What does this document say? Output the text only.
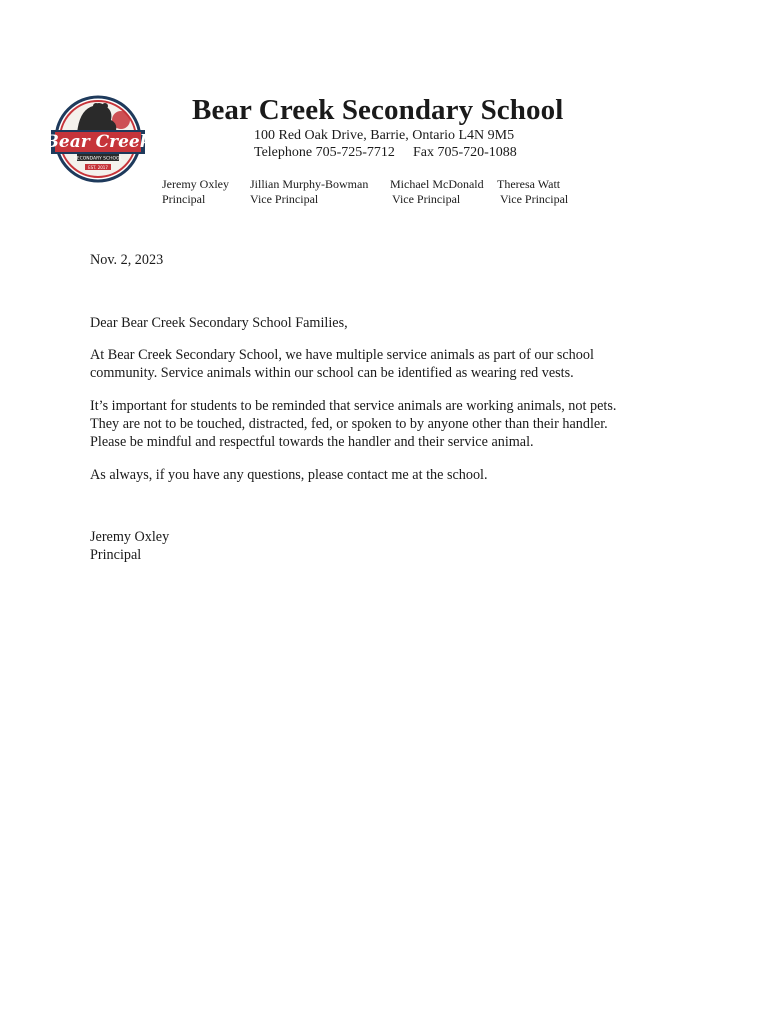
Bear Creek
SECONDARY SCHOOL
EST. 2017
Bear Creek Secondary School
100 Red Oak Drive, Barrie, Ontario L4N 9M5
Telephone 705-725-7712 Fax 705-720-1088
Jeremy Oxley
Principal
Jillian Murphy-Bowman
Vice Principal
Michael McDonald
Vice Principal
Theresa Watt
Vice Principal
Nov. 2, 2023
Dear Bear Creek Secondary School Families,
At Bear Creek Secondary School, we have multiple service animals as part of our school
community. Service animals within our school can be identified as wearing red vests.
It’s important for students to be reminded that service animals are working animals, not pets.
They are not to be touched, distracted, fed, or spoken to by anyone other than their handler.
Please be mindful and respectful towards the handler and their service animal.
As always, if you have any questions, please contact me at the school.
Jeremy Oxley
Principal
